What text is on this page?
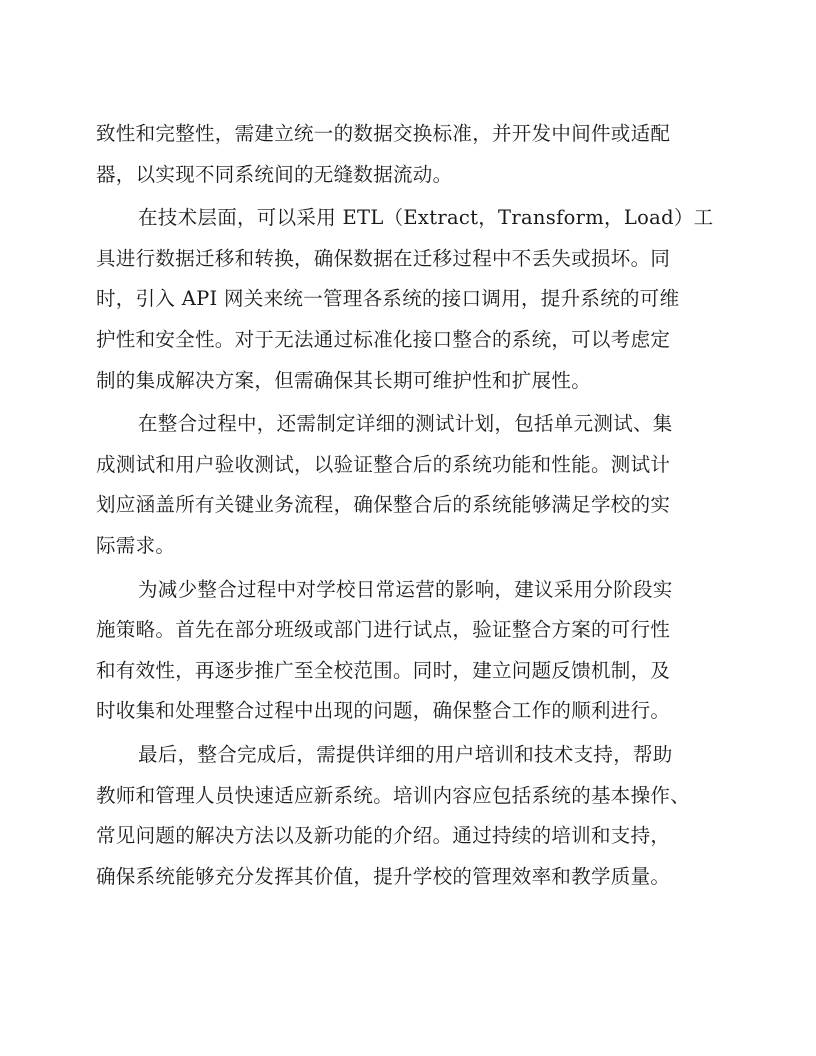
致性和完整性，需建立统一的数据交换标准，并开发中间件或适配
器，以实现不同系统间的无缝数据流动。

在技术层面，可以采用 ETL（Extract，Transform，Load）工
具进行数据迁移和转换，确保数据在迁移过程中不丢失或损坏。同
时，引入 API 网关来统一管理各系统的接口调用，提升系统的可维
护性和安全性。对于无法通过标准化接口整合的系统，可以考虑定
制的集成解决方案，但需确保其长期可维护性和扩展性。

在整合过程中，还需制定详细的测试计划，包括单元测试、集
成测试和用户验收测试，以验证整合后的系统功能和性能。测试计
划应涵盖所有关键业务流程，确保整合后的系统能够满足学校的实
际需求。

为减少整合过程中对学校日常运营的影响，建议采用分阶段实
施策略。首先在部分班级或部门进行试点，验证整合方案的可行性
和有效性，再逐步推广至全校范围。同时，建立问题反馈机制，及
时收集和处理整合过程中出现的问题，确保整合工作的顺利进行。

最后，整合完成后，需提供详细的用户培训和技术支持，帮助
教师和管理人员快速适应新系统。培训内容应包括系统的基本操作、
常见问题的解决方法以及新功能的介绍。通过持续的培训和支持，
确保系统能够充分发挥其价值，提升学校的管理效率和教学质量。
